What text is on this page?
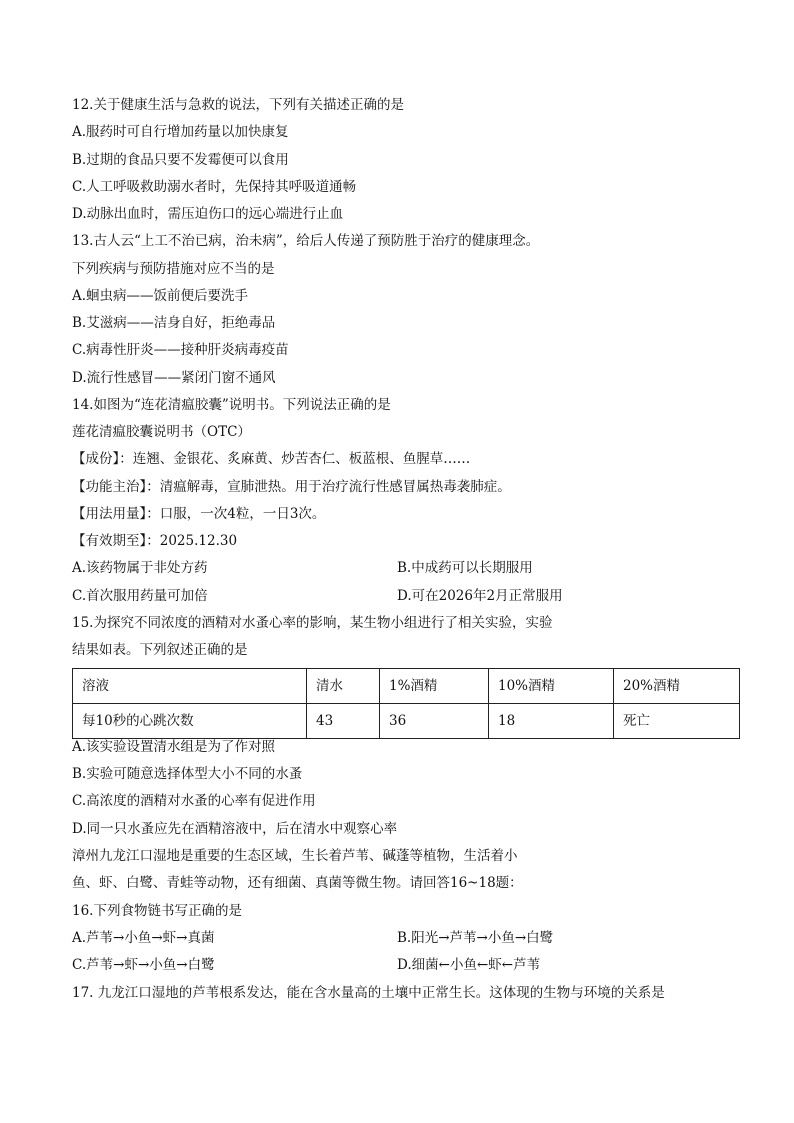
12.关于健康生活与急救的说法，下列有关描述正确的是
A.服药时可自行增加药量以加快康复
B.过期的食品只要不发霉便可以食用
C.人工呼吸救助溺水者时，先保持其呼吸道通畅
D.动脉出血时，需压迫伤口的远心端进行止血
13.古人云“上工不治已病，治未病”，给后人传递了预防胜于治疗的健康理念。
下列疾病与预防措施对应不当的是
A.蛔虫病——饭前便后要洗手
B.艾滋病——洁身自好，拒绝毒品
C.病毒性肝炎——接种肝炎病毒疫苗
D.流行性感冒——紧闭门窗不通风
14.如图为“连花清瘟胶囊”说明书。下列说法正确的是
莲花清瘟胶囊说明书（OTC）
【成份】：连翘、金银花、炙麻黄、炒苦杏仁、板蓝根、鱼腥草……
【功能主治】：清瘟解毒，宣肺泄热。用于治疗流行性感冒属热毒袭肺症。
【用法用量】：口服，一次4粒，一日3次。
【有效期至】：2025.12.30
A.该药物属于非处方药	B.中成药可以长期服用
C.首次服用药量可加倍	D.可在2026年2月正常服用
15.为探究不同浓度的酒精对水蚤心率的影响，某生物小组进行了相关实验，实验
结果如表。下列叙述正确的是
溶液	清水	1%酒精	10%酒精	20%酒精
每10秒的心跳次数	43	36	18	死亡
A.该实验设置清水组是为了作对照
B.实验可随意选择体型大小不同的水蚤
C.高浓度的酒精对水蚤的心率有促进作用
D.同一只水蚤应先在酒精溶液中，后在清水中观察心率
漳州九龙江口湿地是重要的生态区域，生长着芦苇、碱蓬等植物，生活着小
鱼、虾、白鹭、青蛙等动物，还有细菌、真菌等微生物。请回答16~18题：
16.下列食物链书写正确的是
A.芦苇→小鱼→虾→真菌	B.阳光→芦苇→小鱼→白鹭
C.芦苇→虾→小鱼→白鹭	D.细菌←小鱼←虾←芦苇
17. 九龙江口湿地的芦苇根系发达，能在含水量高的土壤中正常生长。这体现的生物与环境的关系是
